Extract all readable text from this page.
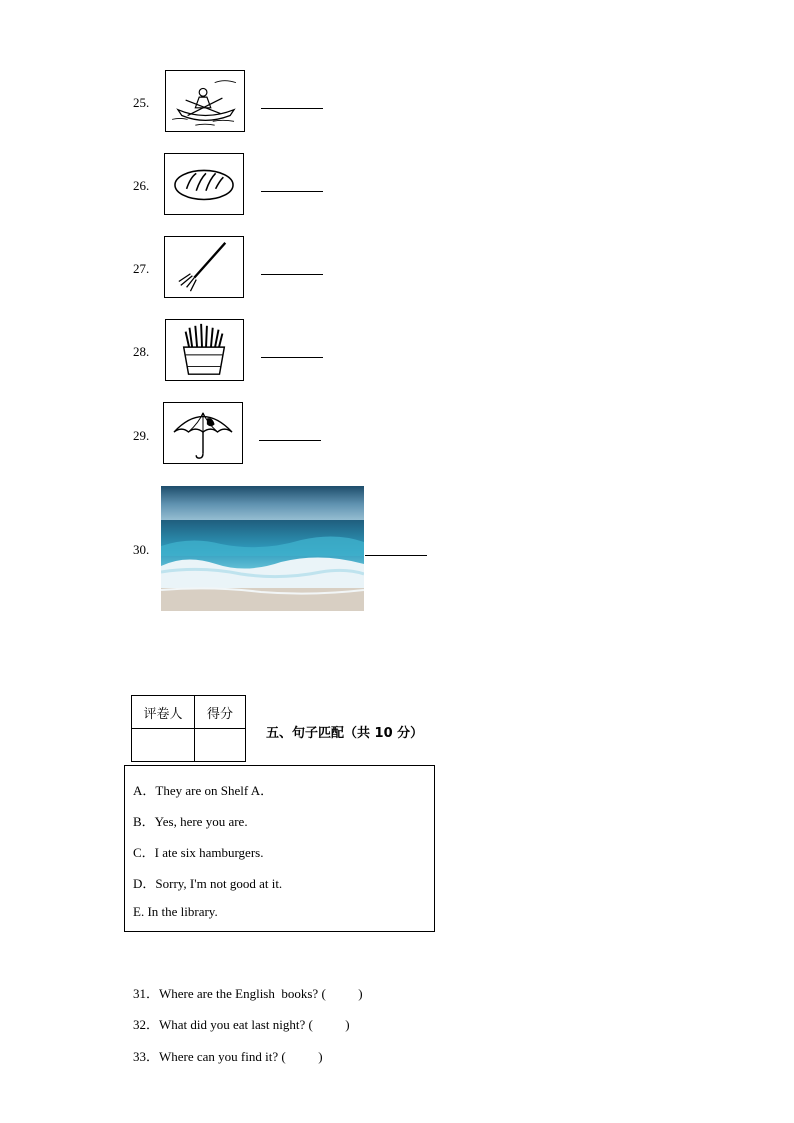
25.
26.
27.
28.
29.
30.
评卷人	得分

五、句子匹配（共 10 分）
A．They are on Shelf A．
B．Yes, here you are.
C．I ate six hamburgers.
D．Sorry, I'm not good at it.
E. In the library.
31．Where are the English  books? (          )
32．What did you eat last night? (          )
33．Where can you find it? (          )
